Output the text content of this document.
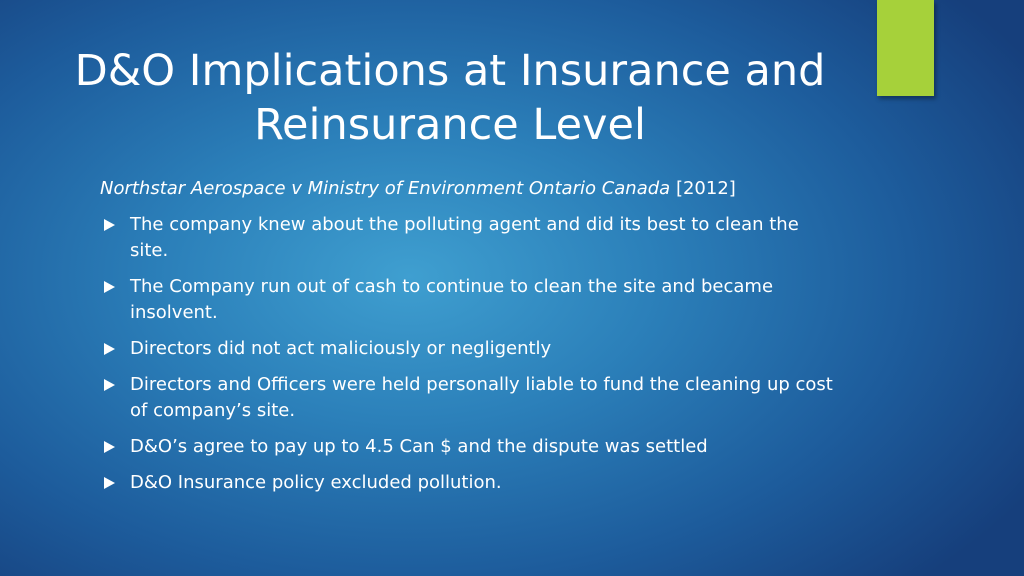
D&O Implications at Insurance and
Reinsurance Level

Northstar Aerospace v Ministry of Environment Ontario Canada [2012]

The company knew about the polluting agent and did its best to clean the site.
The Company run out of cash to continue to clean the site and became insolvent.
Directors did not act maliciously or negligently
Directors and Officers were held personally liable to fund the cleaning up cost of company’s site.
D&O’s agree to pay up to 4.5 Can $ and the dispute was settled
D&O Insurance policy excluded pollution.
